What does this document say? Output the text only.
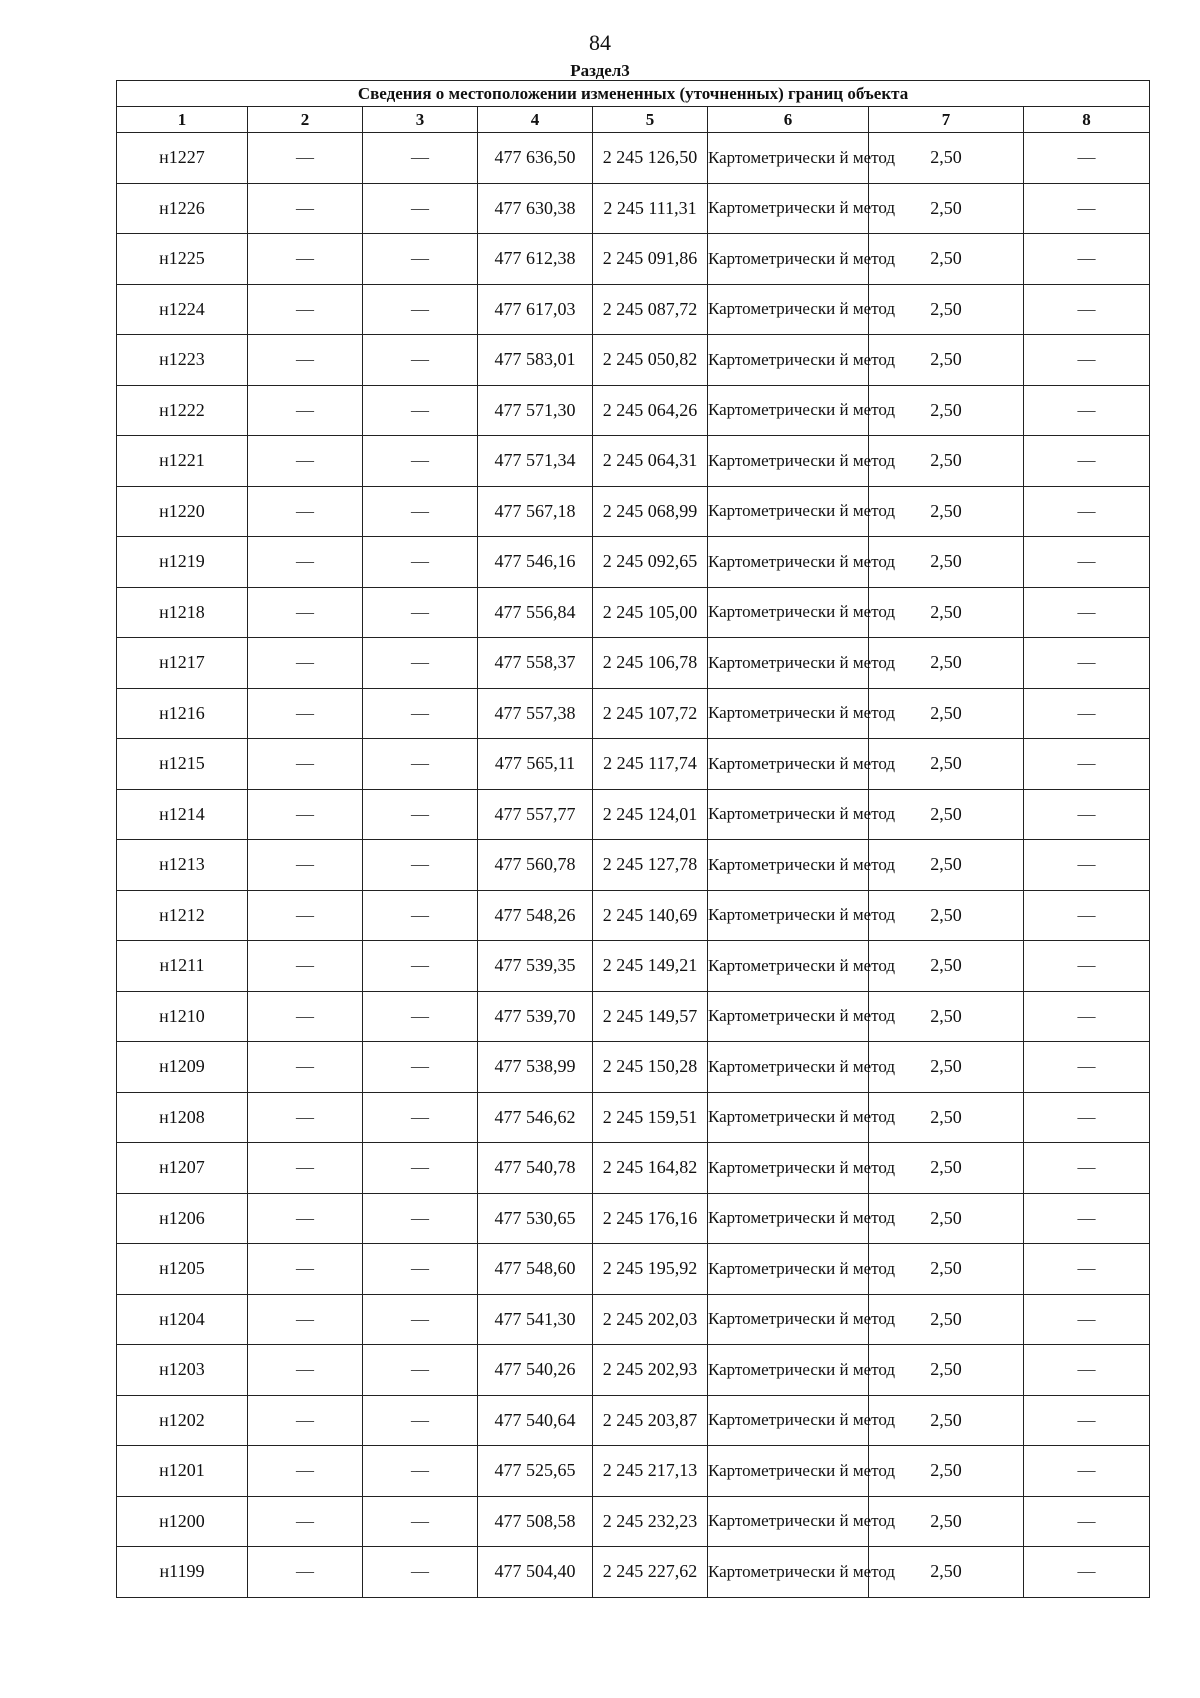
84
Раздел3
Сведения о местоположении измененных (уточненных) границ объекта							
1	2	3	4	5	6	7	8
н1227	—	—	477 636,50	2 245 126,50	Картометрически й метод	2,50	—
н1226	—	—	477 630,38	2 245 111,31	Картометрически й метод	2,50	—
н1225	—	—	477 612,38	2 245 091,86	Картометрически й метод	2,50	—
н1224	—	—	477 617,03	2 245 087,72	Картометрически й метод	2,50	—
н1223	—	—	477 583,01	2 245 050,82	Картометрически й метод	2,50	—
н1222	—	—	477 571,30	2 245 064,26	Картометрически й метод	2,50	—
н1221	—	—	477 571,34	2 245 064,31	Картометрически й метод	2,50	—
н1220	—	—	477 567,18	2 245 068,99	Картометрически й метод	2,50	—
н1219	—	—	477 546,16	2 245 092,65	Картометрически й метод	2,50	—
н1218	—	—	477 556,84	2 245 105,00	Картометрически й метод	2,50	—
н1217	—	—	477 558,37	2 245 106,78	Картометрически й метод	2,50	—
н1216	—	—	477 557,38	2 245 107,72	Картометрически й метод	2,50	—
н1215	—	—	477 565,11	2 245 117,74	Картометрически й метод	2,50	—
н1214	—	—	477 557,77	2 245 124,01	Картометрически й метод	2,50	—
н1213	—	—	477 560,78	2 245 127,78	Картометрически й метод	2,50	—
н1212	—	—	477 548,26	2 245 140,69	Картометрически й метод	2,50	—
н1211	—	—	477 539,35	2 245 149,21	Картометрически й метод	2,50	—
н1210	—	—	477 539,70	2 245 149,57	Картометрически й метод	2,50	—
н1209	—	—	477 538,99	2 245 150,28	Картометрически й метод	2,50	—
н1208	—	—	477 546,62	2 245 159,51	Картометрически й метод	2,50	—
н1207	—	—	477 540,78	2 245 164,82	Картометрически й метод	2,50	—
н1206	—	—	477 530,65	2 245 176,16	Картометрически й метод	2,50	—
н1205	—	—	477 548,60	2 245 195,92	Картометрически й метод	2,50	—
н1204	—	—	477 541,30	2 245 202,03	Картометрически й метод	2,50	—
н1203	—	—	477 540,26	2 245 202,93	Картометрически й метод	2,50	—
н1202	—	—	477 540,64	2 245 203,87	Картометрически й метод	2,50	—
н1201	—	—	477 525,65	2 245 217,13	Картометрически й метод	2,50	—
н1200	—	—	477 508,58	2 245 232,23	Картометрически й метод	2,50	—
н1199	—	—	477 504,40	2 245 227,62	Картометрически й метод	2,50	—
